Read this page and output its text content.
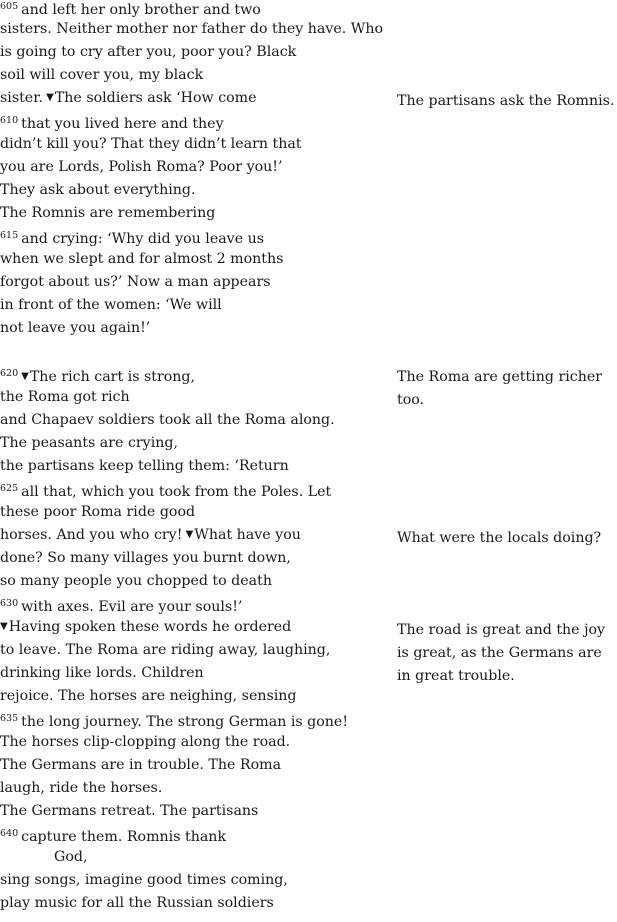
$^{605}$ and left her only brother and two
sisters. Neither mother nor father do they have. Who
is going to cry after you, poor you? Black
soil will cover you, my black
sister. ▼The soldiers ask ‘How come
$^{610}$ that you lived here and they
didn’t kill you? That they didn’t learn that
you are Lords, Polish Roma? Poor you!’
They ask about everything.
The Romnis are remembering
$^{615}$ and crying: ‘Why did you leave us
when we slept and for almost 2 months
forgot about us?’ Now a man appears
in front of the women: ‘We will
not leave you again!’
$^{620}$ ▼The rich cart is strong,
the Roma got rich
and Chapaev soldiers took all the Roma along.
The peasants are crying,
the partisans keep telling them: ‘Return
$^{625}$ all that, which you took from the Poles. Let
these poor Roma ride good
horses. And you who cry! ▼What have you
done? So many villages you burnt down,
so many people you chopped to death
$^{630}$ with axes. Evil are your souls!’
▼Having spoken these words he ordered
to leave. The Roma are riding away, laughing,
drinking like lords. Children
rejoice. The horses are neighing, sensing
$^{635}$ the long journey. The strong German is gone!
The horses clip-clopping along the road.
The Germans are in trouble. The Roma
laugh, ride the horses.
The Germans retreat. The partisans
$^{640}$ capture them. Romnis thank
God,
sing songs, imagine good times coming,
play music for all the Russian soldiers
The partisans ask the Romnis.
The Roma are getting richer too.
What were the locals doing?
The road is great and the joy is great, as the Germans are in great trouble.
